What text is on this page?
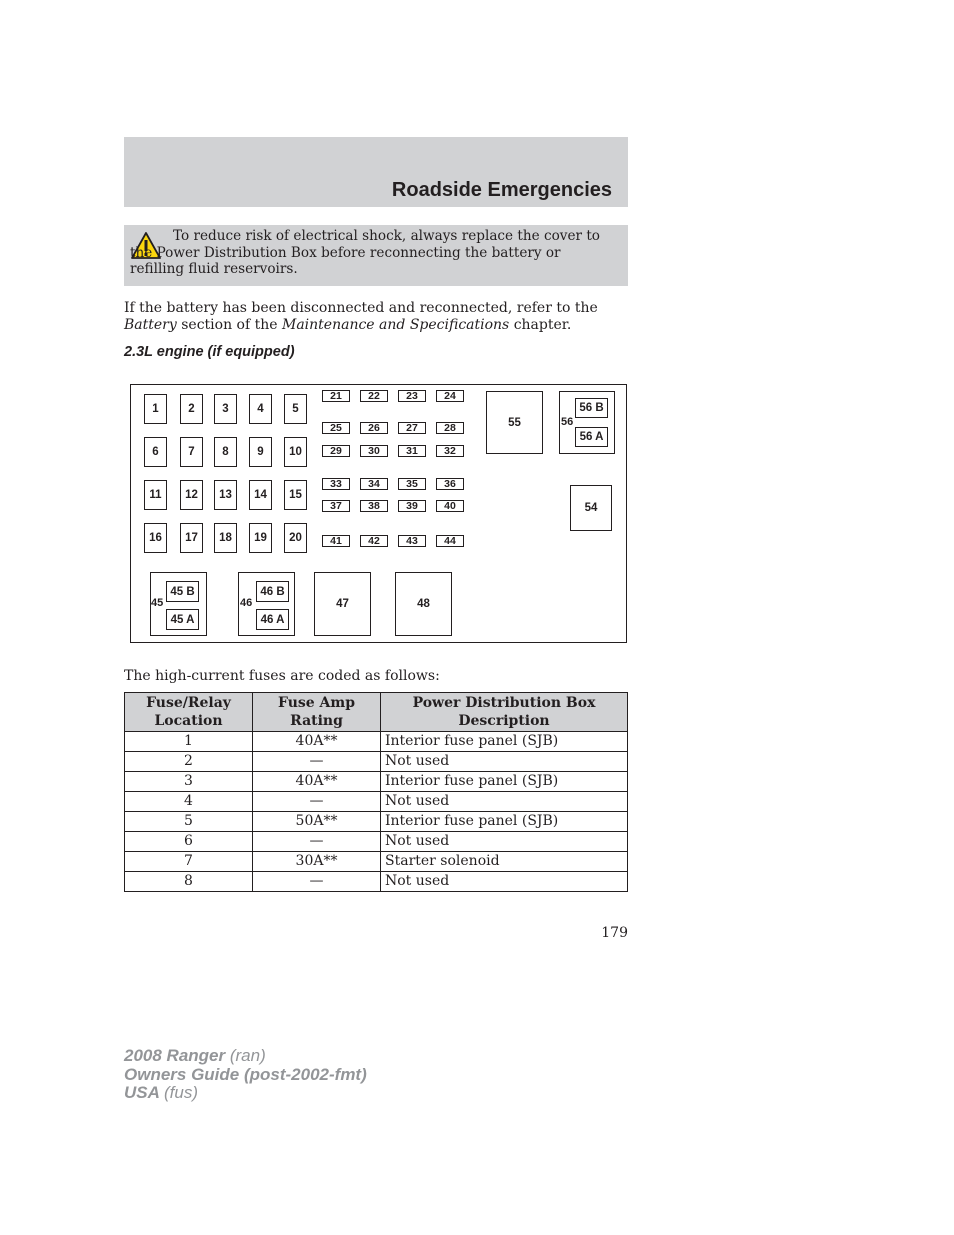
Roadside Emergencies
To reduce risk of electrical shock, always replace the cover to the Power Distribution Box before reconnecting the battery or refilling fluid reservoirs.
If the battery has been disconnected and reconnected, refer to the
Battery section of the Maintenance and Specifications chapter.
2.3L engine (if equipped)
55
56 B
56 A
56
54
45 B
45 A
45
46 B
46 A
46	47	48
1	2	3	4	5
6	7	8	9	10
11	12	13	14	15
16	17	18	19	20
21	22	23	24
25	26	27	28
29	30	31	32
33	34	35	36
37	38	39	40
41	42	43	44
The high-current fuses are coded as follows:
Fuse/Relay Location	Fuse Amp Rating	Power Distribution Box Description
1	40A**	Interior fuse panel (SJB)
2	—	Not used
3	40A**	Interior fuse panel (SJB)
4	—	Not used
5	50A**	Interior fuse panel (SJB)
6	—	Not used
7	30A**	Starter solenoid
8	—	Not used
179
2008 Ranger (ran)
Owners Guide (post-2002-fmt)
USA (fus)
